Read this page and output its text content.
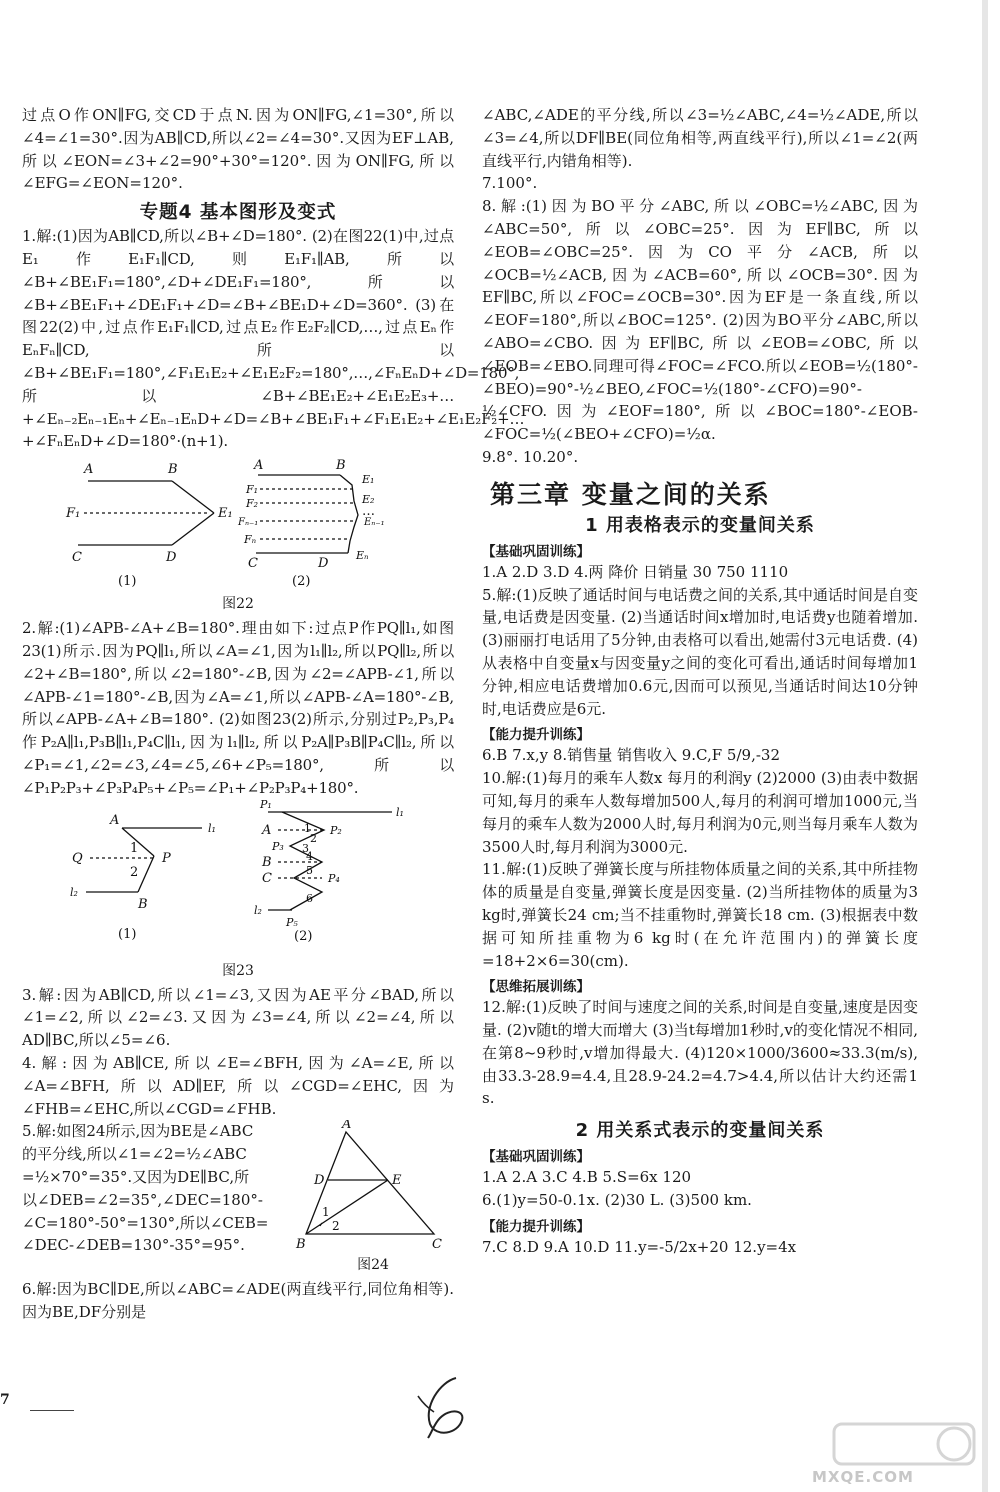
过点O作ON∥FG,交CD于点N.因为ON∥FG,∠1=30°,所以∠4=∠1=30°.因为AB∥CD,所以∠2=∠4=30°.又因为EF⊥AB,所以∠EON=∠3+∠2=90°+30°=120°.因为ON∥FG,所以∠EFG=∠EON=120°.

专题4 基本图形及变式

1.解:(1)因为AB∥CD,所以∠B+∠D=180°. (2)在图22(1)中,过点E₁作E₁F₁∥CD,则E₁F₁∥AB,所以∠B+∠BE₁F₁=180°,∠D+∠DE₁F₁=180°,所以∠B+∠BE₁F₁+∠DE₁F₁+∠D=∠B+∠BE₁D+∠D=360°. (3)在图22(2)中,过点作E₁F₁∥CD,过点E₂作E₂F₂∥CD,…,过点Eₙ作EₙFₙ∥CD,所以∠B+∠BE₁F₁=180°,∠F₁E₁E₂+∠E₁E₂F₂=180°,…,∠FₙEₙD+∠D=180°,所以∠B+∠BE₁E₂+∠E₁E₂E₃+…+∠Eₙ₋₂Eₙ₋₁Eₙ+∠Eₙ₋₁EₙD+∠D=∠B+∠BE₁F₁+∠F₁E₁E₂+∠E₁E₂F₂+…+∠FₙEₙD+∠D=180°·(n+1).

A	B
F₁	E₁
C	D
(1)
A	B
E₁
F₁
E₂
F₂
Fₙ₋₁	Eₙ₋₁
Fₙ
C	D
Eₙ
(2)
…
图22

2.解:(1)∠APB-∠A+∠B=180°.理由如下:过点P作PQ∥l₁,如图23(1)所示.因为PQ∥l₁,所以∠A=∠1,因为l₁∥l₂,所以PQ∥l₂,所以∠2+∠B=180°,所以∠2=180°-∠B,因为∠2=∠APB-∠1,所以∠APB-∠1=180°-∠B,因为∠A=∠1,所以∠APB-∠A=180°-∠B,所以∠APB-∠A+∠B=180°. (2)如图23(2)所示,分别过P₂,P₃,P₄作P₂A∥l₁,P₃B∥l₁,P₄C∥l₁,因为l₁∥l₂,所以P₂A∥P₃B∥P₄C∥l₂,所以∠P₁=∠1,∠2=∠3,∠4=∠5,∠6+∠P₅=180°,所以∠P₁P₂P₃+∠P₃P₄P₅+∠P₅=∠P₁+∠P₂P₃P₄+180°.

A
l₁
Q
1
P
2
l₂
B
(1)
P₁
l₁
A	1 P₂
2
P₃ 3
B	4
5
C	P₄
6
l₂
P₅
(2)
图23

3.解:因为AB∥CD,所以∠1=∠3,又因为AE平分∠BAD,所以∠1=∠2,所以∠2=∠3.又因为∠3=∠4,所以∠2=∠4,所以AD∥BC,所以∠5=∠6.

4.解:因为AB∥CE,所以∠E=∠BFH,因为∠A=∠E,所以∠A=∠BFH,所以AD∥EF,所以∠CGD=∠EHC,因为∠FHB=∠EHC,所以∠CGD=∠FHB.

5.解:如图24所示,因为BE是∠ABC

的平分线,所以∠1=∠2=½∠ABC

=½×70°=35°.又因为DE∥BC,所

以∠DEB=∠2=35°,∠DEC=180°-

∠C=180°-50°=130°,所以∠CEB=

∠DEC-∠DEB=130°-35°=95°.

A
D	E
1
2
B	C
图24

6.解:因为BC∥DE,所以∠ABC=∠ADE(两直线平行,同位角相等).因为BE,DF分别是

∠ABC,∠ADE的平分线,所以∠3=½∠ABC,∠4=½∠ADE,所以∠3=∠4,所以DF∥BE(同位角相等,两直线平行),所以∠1=∠2(两直线平行,内错角相等).

7.100°.

8.解:(1)因为BO平分∠ABC,所以∠OBC=½∠ABC,因为∠ABC=50°,所以∠OBC=25°.因为EF∥BC,所以∠EOB=∠OBC=25°.因为CO平分∠ACB,所以∠OCB=½∠ACB,因为∠ACB=60°,所以∠OCB=30°.因为EF∥BC,所以∠FOC=∠OCB=30°.因为EF是一条直线,所以∠EOF=180°,所以∠BOC=125°. (2)因为BO平分∠ABC,所以∠ABO=∠CBO.因为EF∥BC,所以∠EOB=∠OBC,所以∠EOB=∠EBO.同理可得∠FOC=∠FCO.所以∠EOB=½(180°-∠BEO)=90°-½∠BEO,∠FOC=½(180°-∠CFO)=90°-½∠CFO.因为∠EOF=180°,所以∠BOC=180°-∠EOB-∠FOC=½(∠BEO+∠CFO)=½α.

9.8°. 10.20°.

第三章 变量之间的关系
1 用表格表示的变量间关系
【基础巩固训练】

1.A 2.D 3.D 4.两 降价 日销量 30 750 1110

5.解:(1)反映了通话时间与电话费之间的关系,其中通话时间是自变量,电话费是因变量. (2)当通话时间x增加时,电话费y也随着增加. (3)丽丽打电话用了5分钟,由表格可以看出,她需付3元电话费. (4)从表格中自变量x与因变量y之间的变化可看出,通话时间每增加1分钟,相应电话费增加0.6元,因而可以预见,当通话时间达10分钟时,电话费应是6元.

【能力提升训练】

6.B 7.x,y 8.销售量 销售收入 9.C,F 5/9,-32

10.解:(1)每月的乘车人数x 每月的利润y (2)2000 (3)由表中数据可知,每月的乘车人数每增加500人,每月的利润可增加1000元,当每月的乘车人数为2000人时,每月利润为0元,则当每月乘车人数为3500人时,每月利润为3000元.

11.解:(1)反映了弹簧长度与所挂物体质量之间的关系,其中所挂物体的质量是自变量,弹簧长度是因变量. (2)当所挂物体的质量为3 kg时,弹簧长24 cm;当不挂重物时,弹簧长18 cm. (3)根据表中数据可知所挂重物为6 kg时(在允许范围内)的弹簧长度=18+2×6=30(cm).

【思维拓展训练】

12.解:(1)反映了时间与速度之间的关系,时间是自变量,速度是因变量. (2)v随t的增大而增大 (3)当t每增加1秒时,v的变化情况不相同,在第8~9秒时,v增加得最大. (4)120×1000/3600≈33.3(m/s),由33.3-28.9=4.4,且28.9-24.2=4.7>4.4,所以估计大约还需1 s.

2 用关系式表示的变量间关系
【基础巩固训练】

1.A 2.A 3.C 4.B 5.S=6x 120

6.(1)y=50-0.1x. (2)30 L. (3)500 km.

【能力提升训练】

7.C 8.D 9.A 10.D 11.y=-5/2x+20 12.y=4x

7
MXQE.COM
